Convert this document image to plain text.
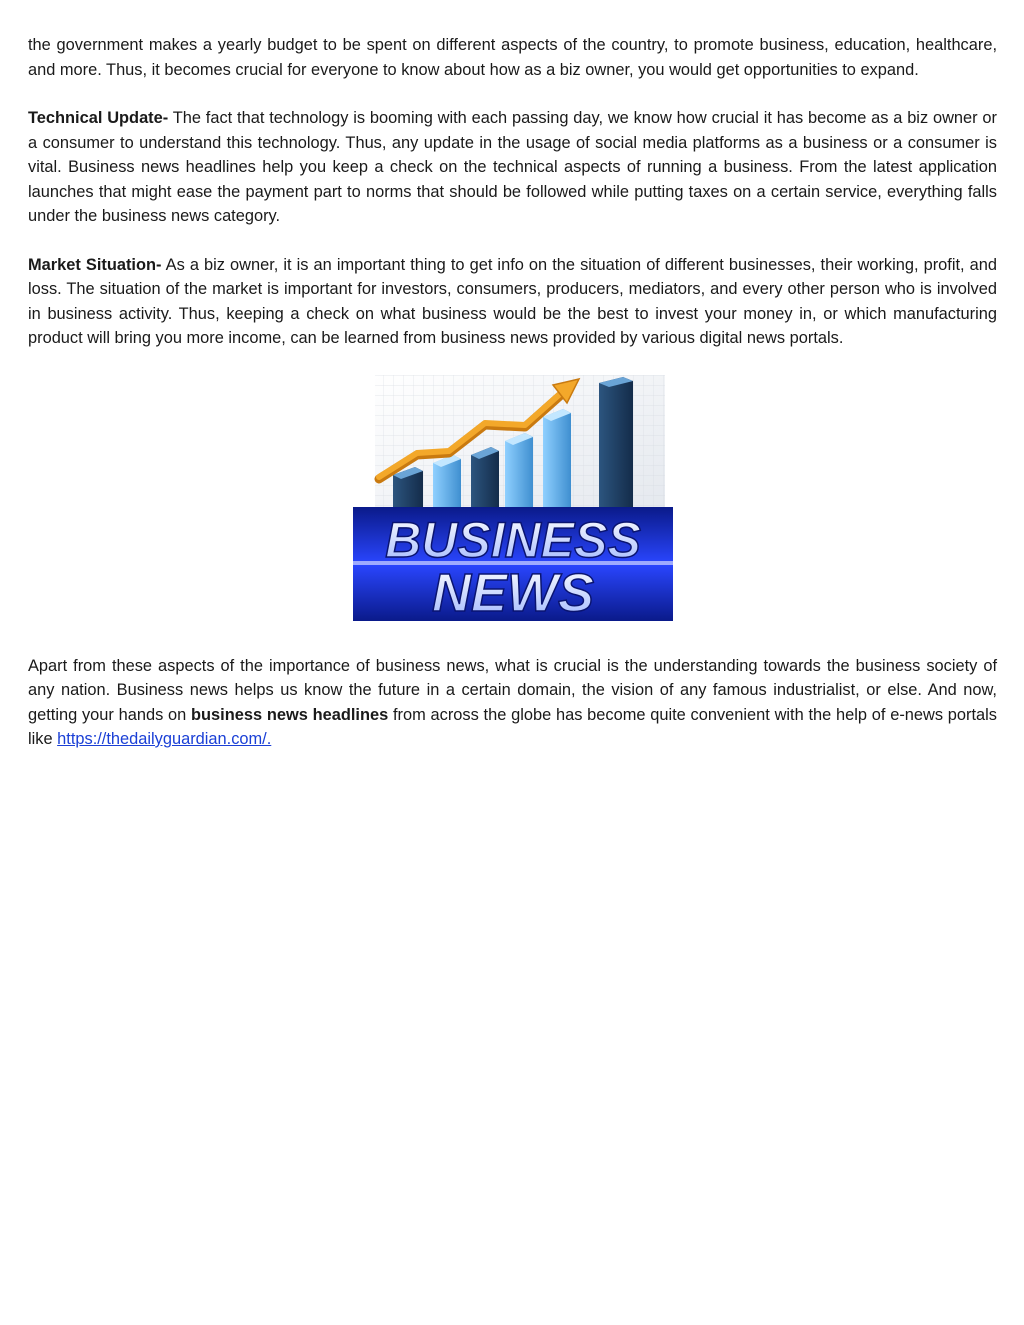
the government makes a yearly budget to be spent on different aspects of the country, to promote business, education, healthcare, and more. Thus, it becomes crucial for everyone to know about how as a biz owner, you would get opportunities to expand.

Technical Update- The fact that technology is booming with each passing day, we know how crucial it has become as a biz owner or a consumer to understand this technology. Thus, any update in the usage of social media platforms as a business or a consumer is vital. Business news headlines help you keep a check on the technical aspects of running a business. From the latest application launches that might ease the payment part to norms that should be followed while putting taxes on a certain service, everything falls under the business news category.

Market Situation- As a biz owner, it is an important thing to get info on the situation of different businesses, their working, profit, and loss. The situation of the market is important for investors, consumers, producers, mediators, and every other person who is involved in business activity. Thus, keeping a check on what business would be the best to invest your money in, or which manufacturing product will bring you more income, can be learned from business news provided by various digital news portals.

BUSINESS
NEWS

Apart from these aspects of the importance of business news, what is crucial is the understanding towards the business society of any nation. Business news helps us know the future in a certain domain, the vision of any famous industrialist, or else. And now, getting your hands on business news headlines from across the globe has become quite convenient with the help of e-news portals like https://thedailyguardian.com/.
